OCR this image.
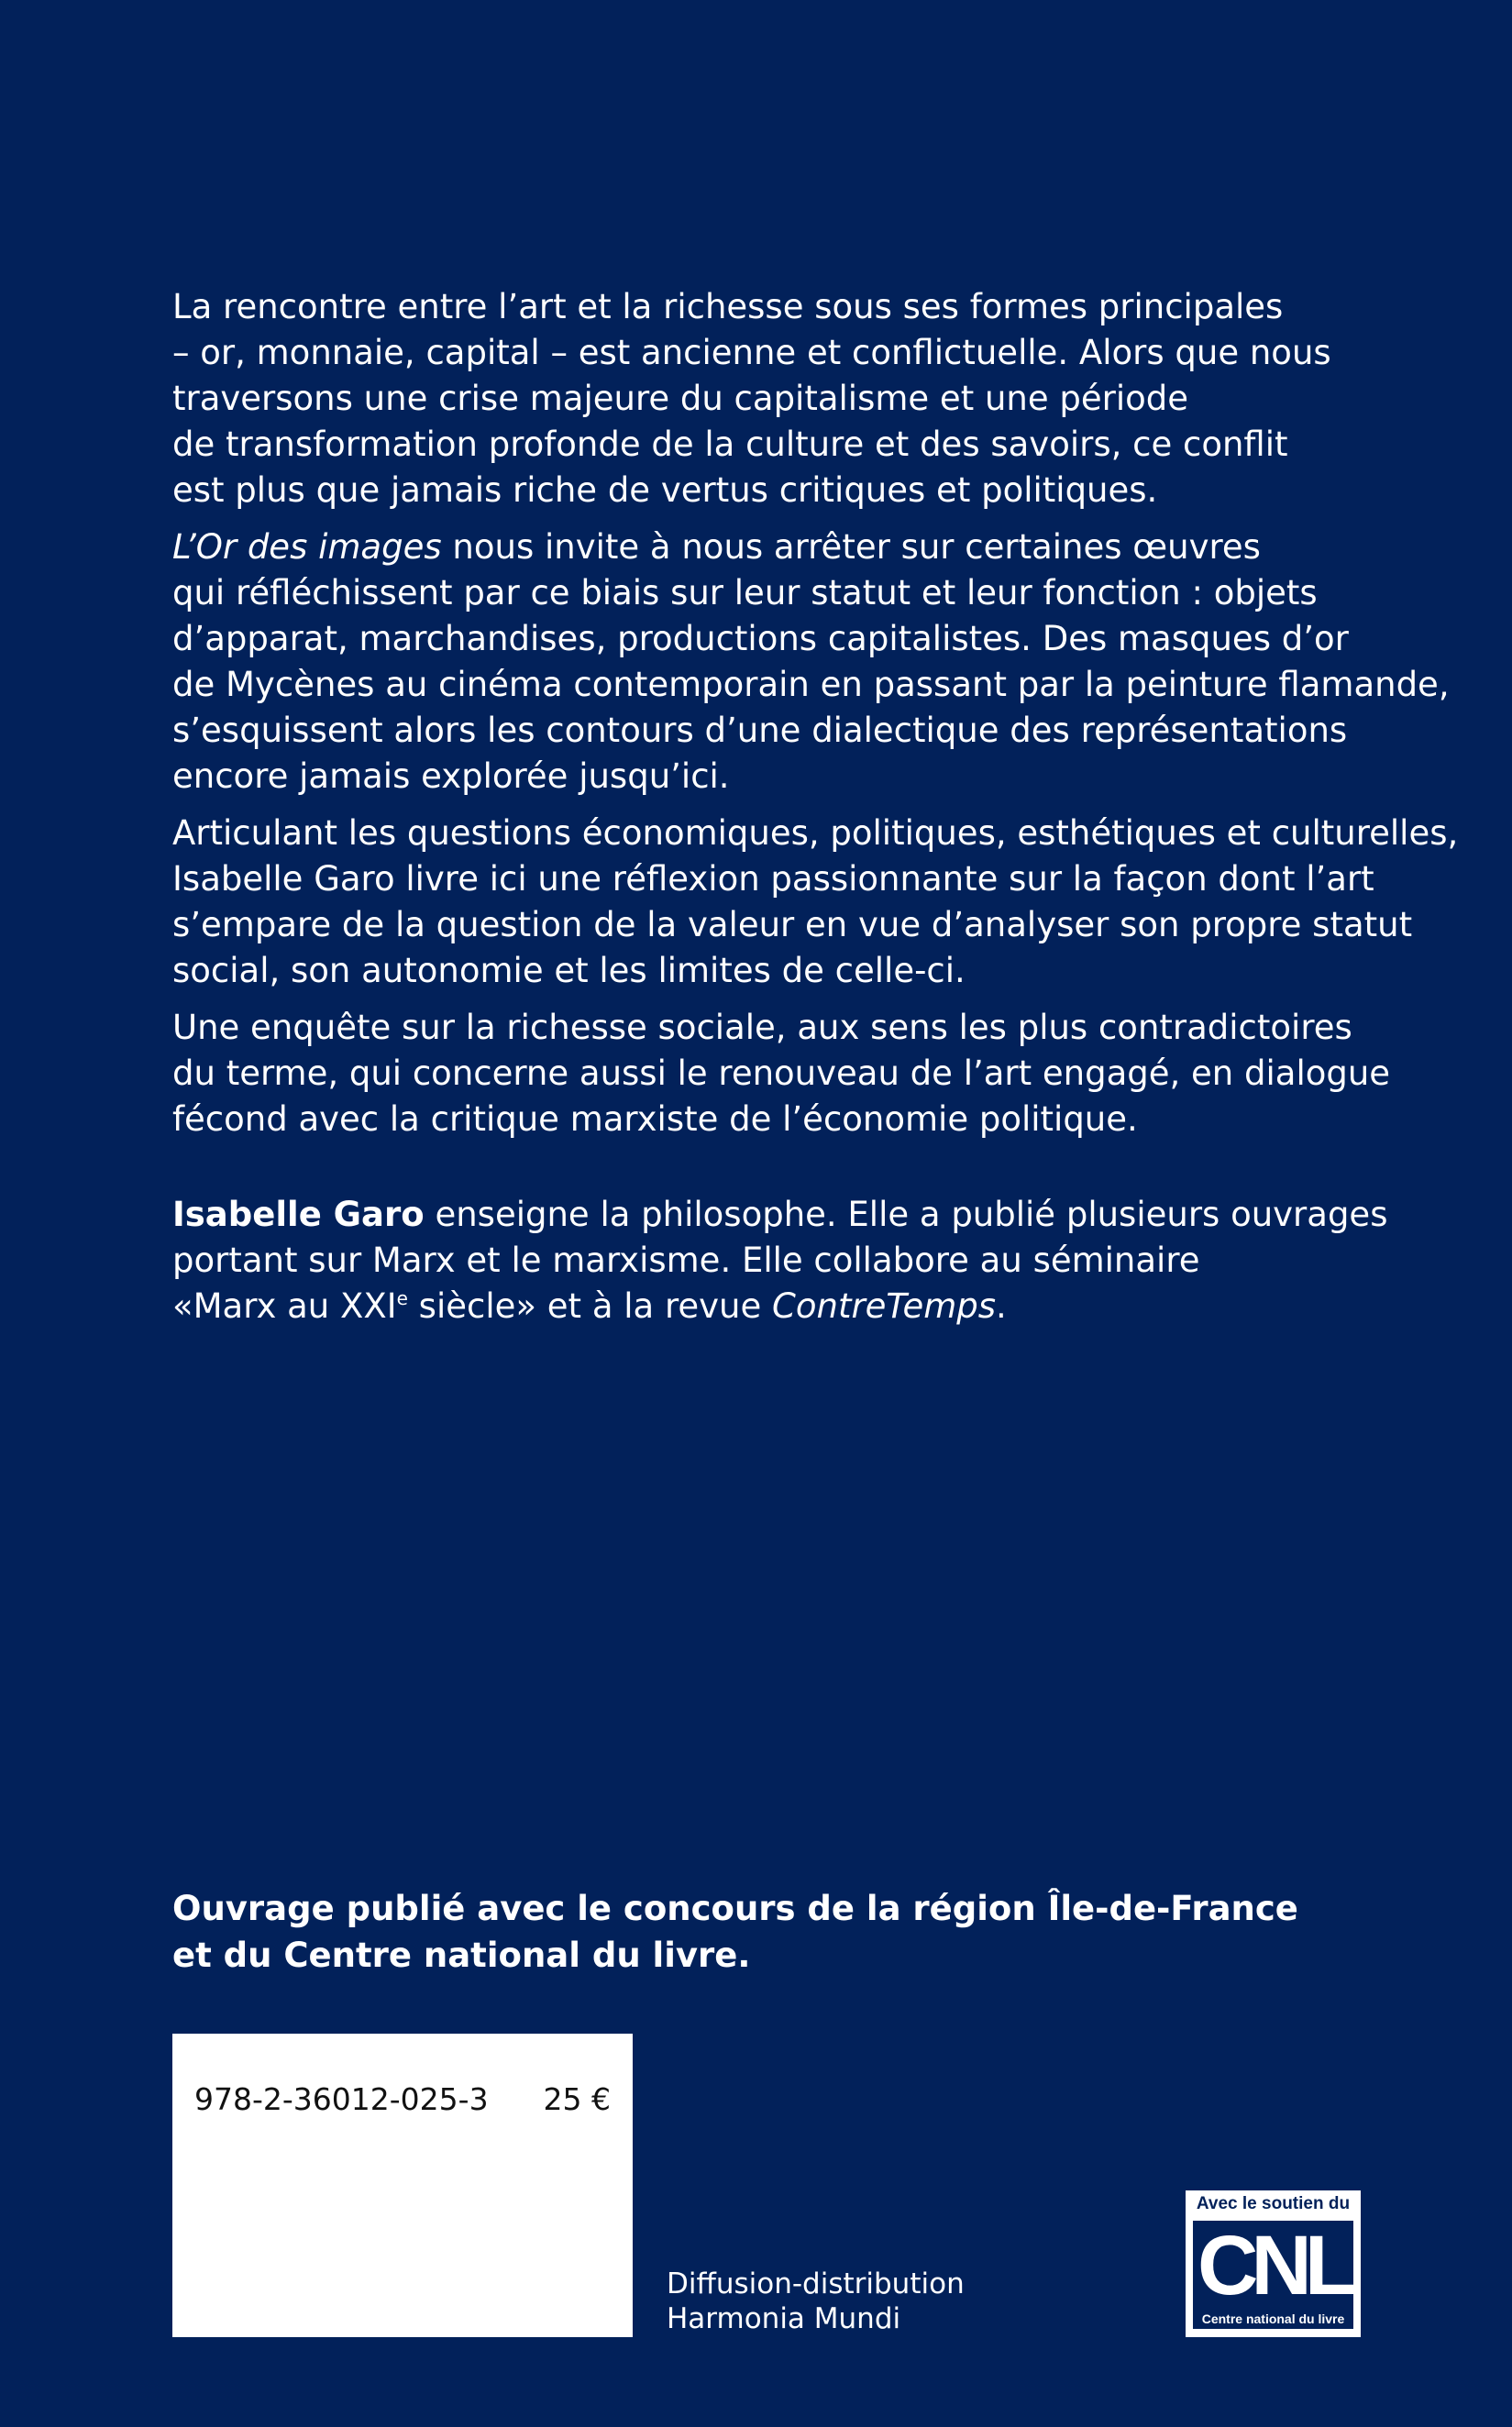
La rencontre entre l’art et la richesse sous ses formes principales
– or, monnaie, capital – est ancienne et conflictuelle. Alors que nous
traversons une crise majeure du capitalisme et une période
de transformation profonde de la culture et des savoirs, ce conflit
est plus que jamais riche de vertus critiques et politiques.

L’Or des images nous invite à nous arrêter sur certaines œuvres
qui réfléchissent par ce biais sur leur statut et leur fonction : objets
d’apparat, marchandises, productions capitalistes. Des masques d’or
de Mycènes au cinéma contemporain en passant par la peinture flamande,
s’esquissent alors les contours d’une dialectique des représentations
encore jamais explorée jusqu’ici.

Articulant les questions économiques, politiques, esthétiques et culturelles,
Isabelle Garo livre ici une réflexion passionnante sur la façon dont l’art
s’empare de la question de la valeur en vue d’analyser son propre statut
social, son autonomie et les limites de celle-ci.

Une enquête sur la richesse sociale, aux sens les plus contradictoires
du terme, qui concerne aussi le renouveau de l’art engagé, en dialogue
fécond avec la critique marxiste de l’économie politique.

Isabelle Garo enseigne la philosophe. Elle a publié plusieurs ouvrages
portant sur Marx et le marxisme. Elle collabore au séminaire
«Marx au XXIe siècle» et à la revue ContreTemps.
Ouvrage publié avec le concours de la région Île-de-France
et du Centre national du livre.
978-2-36012-025-3 25 €
Diffusion-distribution
Harmonia Mundi
Avec le soutien du
CNL
Centre national du livre
